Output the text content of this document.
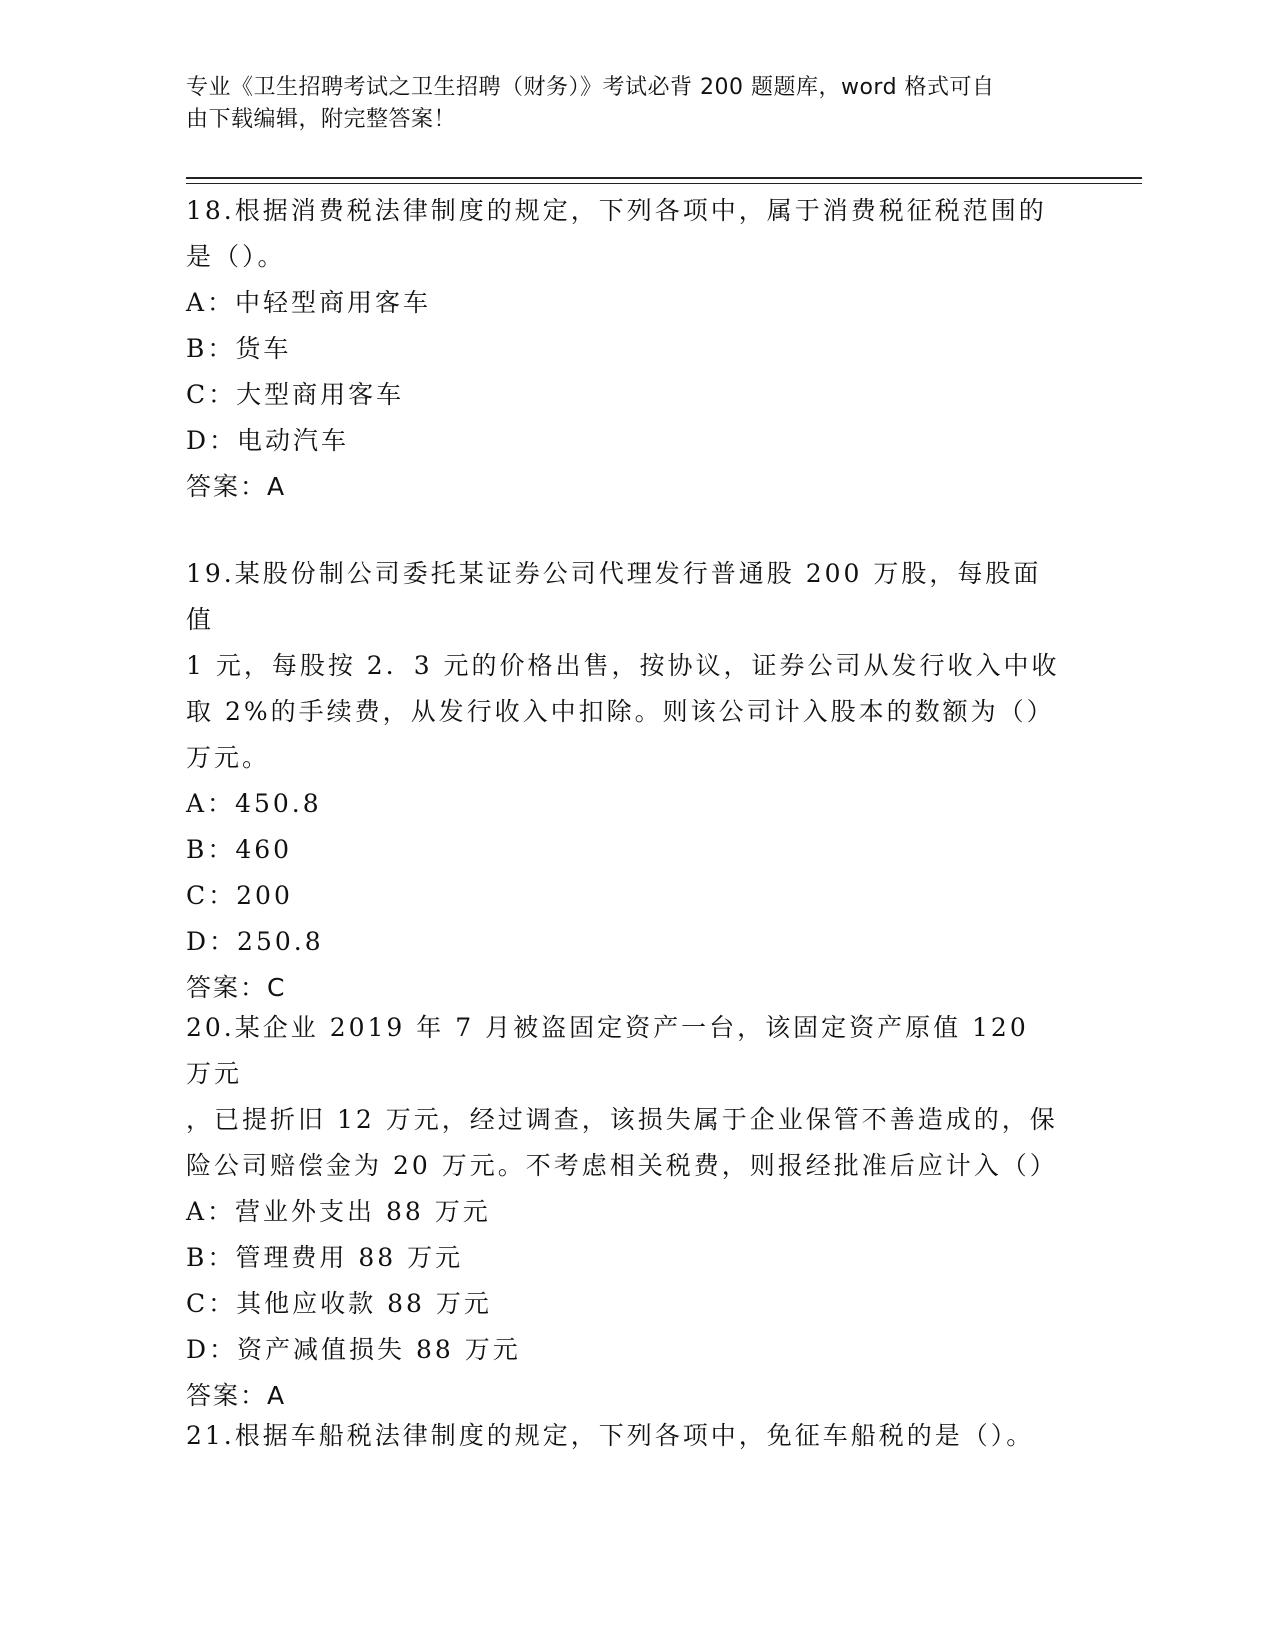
专业《卫生招聘考试之卫生招聘（财务）》考试必背 200 题题库，word 格式可自
由下载编辑，附完整答案！

18.根据消费税法律制度的规定，下列各项中，属于消费税征税范围的

是（）。

A：中轻型商用客车

B：货车

C：大型商用客车

D：电动汽车

答案：A

19.某股份制公司委托某证券公司代理发行普通股 200 万股，每股面值

1 元，每股按 2．3 元的价格出售，按协议，证券公司从发行收入中收

取 2%的手续费，从发行收入中扣除。则该公司计入股本的数额为（）

万元。

A：450.8

B：460

C：200

D：250.8

答案：C

20.某企业 2019 年 7 月被盗固定资产一台，该固定资产原值 120 万元

，已提折旧 12 万元，经过调查，该损失属于企业保管不善造成的，保

险公司赔偿金为 20 万元。不考虑相关税费，则报经批准后应计入（）

A：营业外支出 88 万元

B：管理费用 88 万元

C：其他应收款 88 万元

D：资产减值损失 88 万元

答案：A

21.根据车船税法律制度的规定，下列各项中，免征车船税的是（）。
